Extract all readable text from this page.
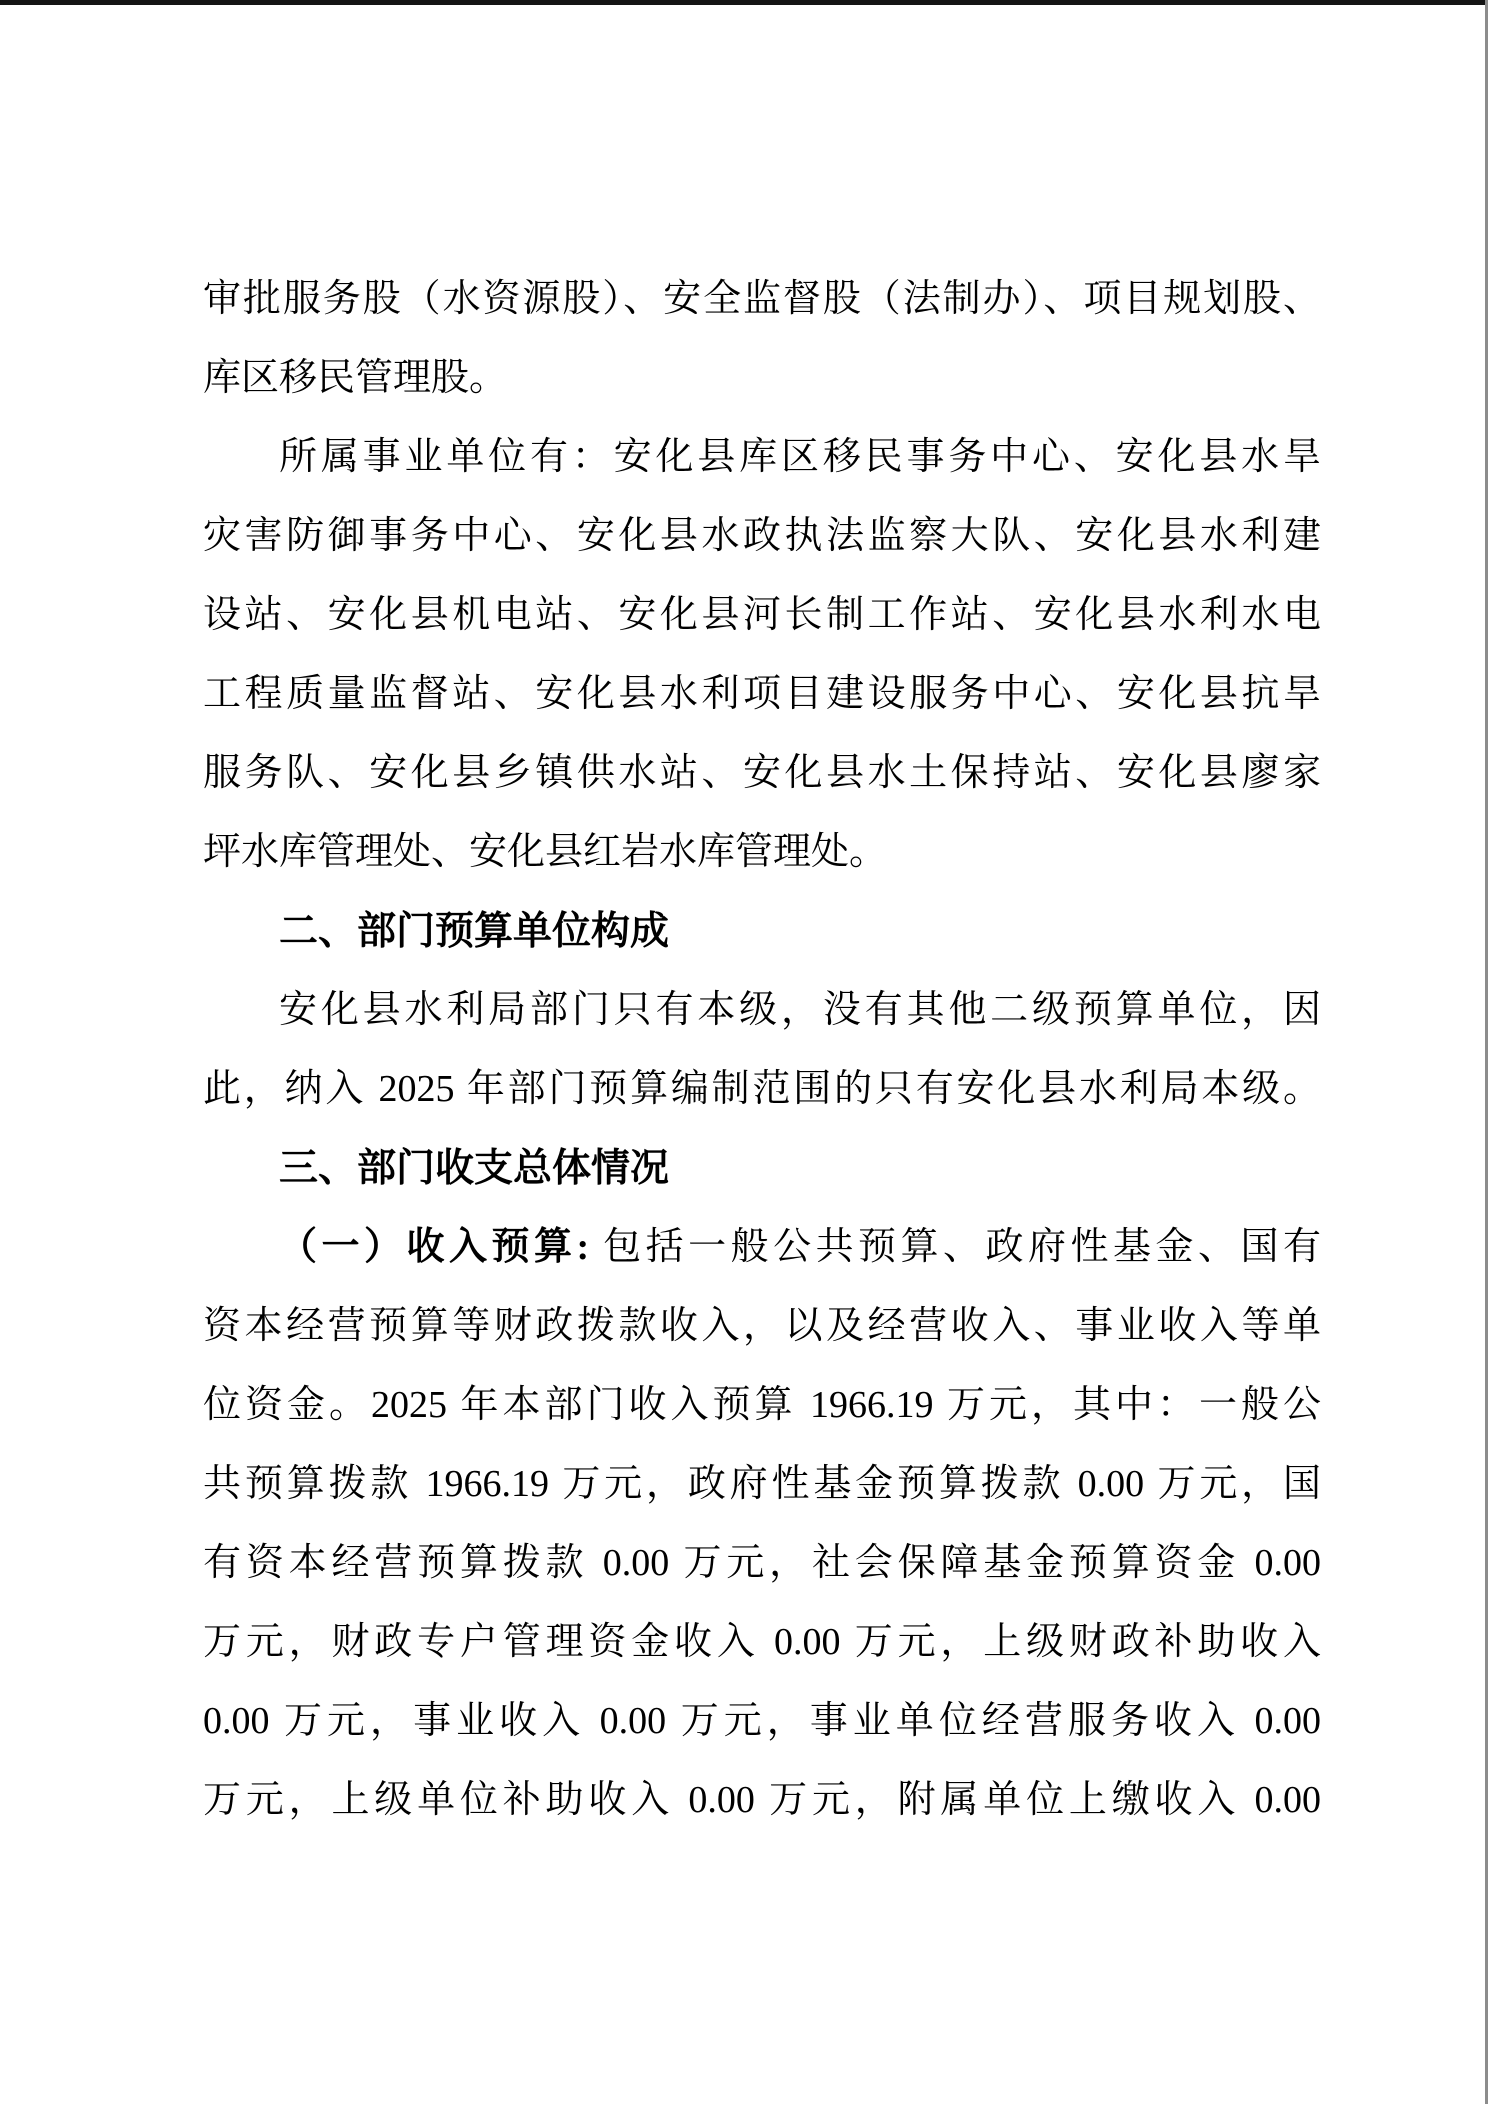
审批服务股（水资源股）、安全监督股（法制办）、项目规划股、
库区移民管理股。
所属事业单位有：安化县库区移民事务中心、安化县水旱
灾害防御事务中心、安化县水政执法监察大队、安化县水利建
设站、安化县机电站、安化县河长制工作站、安化县水利水电
工程质量监督站、安化县水利项目建设服务中心、安化县抗旱
服务队、安化县乡镇供水站、安化县水土保持站、安化县廖家
坪水库管理处、安化县红岩水库管理处。
二、部门预算单位构成
安化县水利局部门只有本级，没有其他二级预算单位，因
此，纳入 2025 年部门预算编制范围的只有安化县水利局本级。
三、部门收支总体情况
（一）收入预算: 包括一般公共预算、政府性基金、国有
资本经营预算等财政拨款收入，以及经营收入、事业收入等单
位资金。2025 年本部门收入预算 1966.19 万元，其中：一般公
共预算拨款 1966.19 万元，政府性基金预算拨款 0.00 万元，国
有资本经营预算拨款 0.00 万元，社会保障基金预算资金 0.00
万元，财政专户管理资金收入 0.00 万元，上级财政补助收入
0.00 万元，事业收入 0.00 万元，事业单位经营服务收入 0.00
万元，上级单位补助收入 0.00 万元，附属单位上缴收入 0.00
